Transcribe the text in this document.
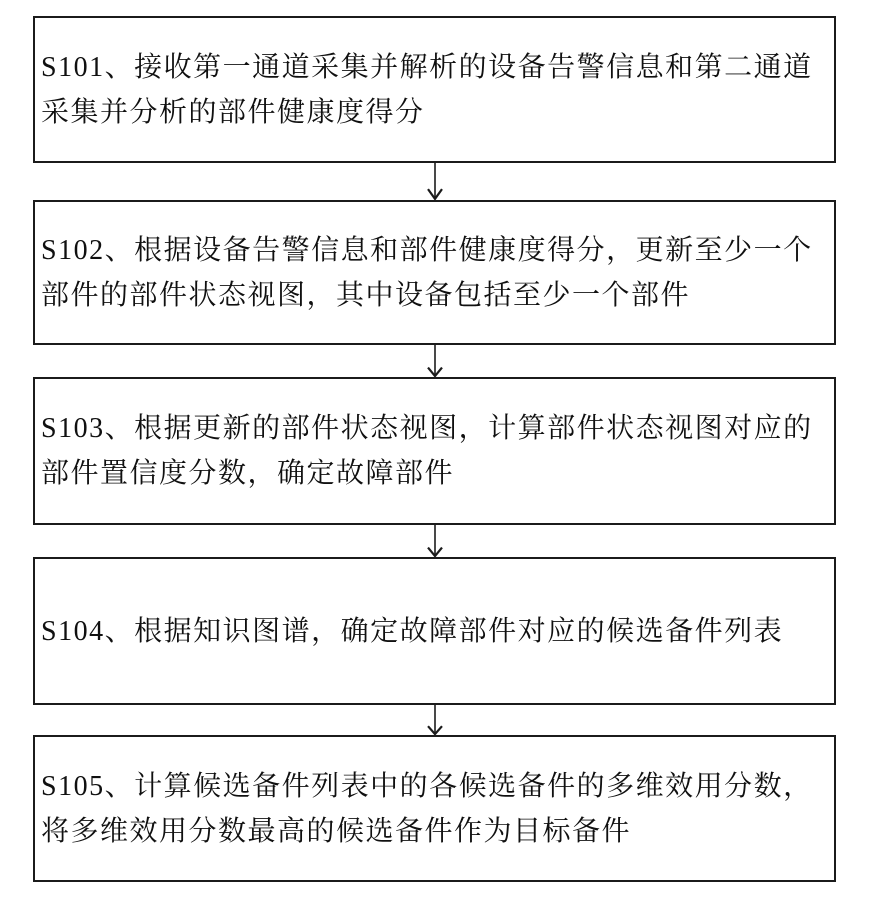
S101、接收第一通道采集并解析的设备告警信息和第二通道
采集并分析的部件健康度得分
S102、根据设备告警信息和部件健康度得分，更新至少一个
部件的部件状态视图，其中设备包括至少一个部件
S103、根据更新的部件状态视图，计算部件状态视图对应的
部件置信度分数，确定故障部件
S104、根据知识图谱，确定故障部件对应的候选备件列表
S105、计算候选备件列表中的各候选备件的多维效用分数，
将多维效用分数最高的候选备件作为目标备件
